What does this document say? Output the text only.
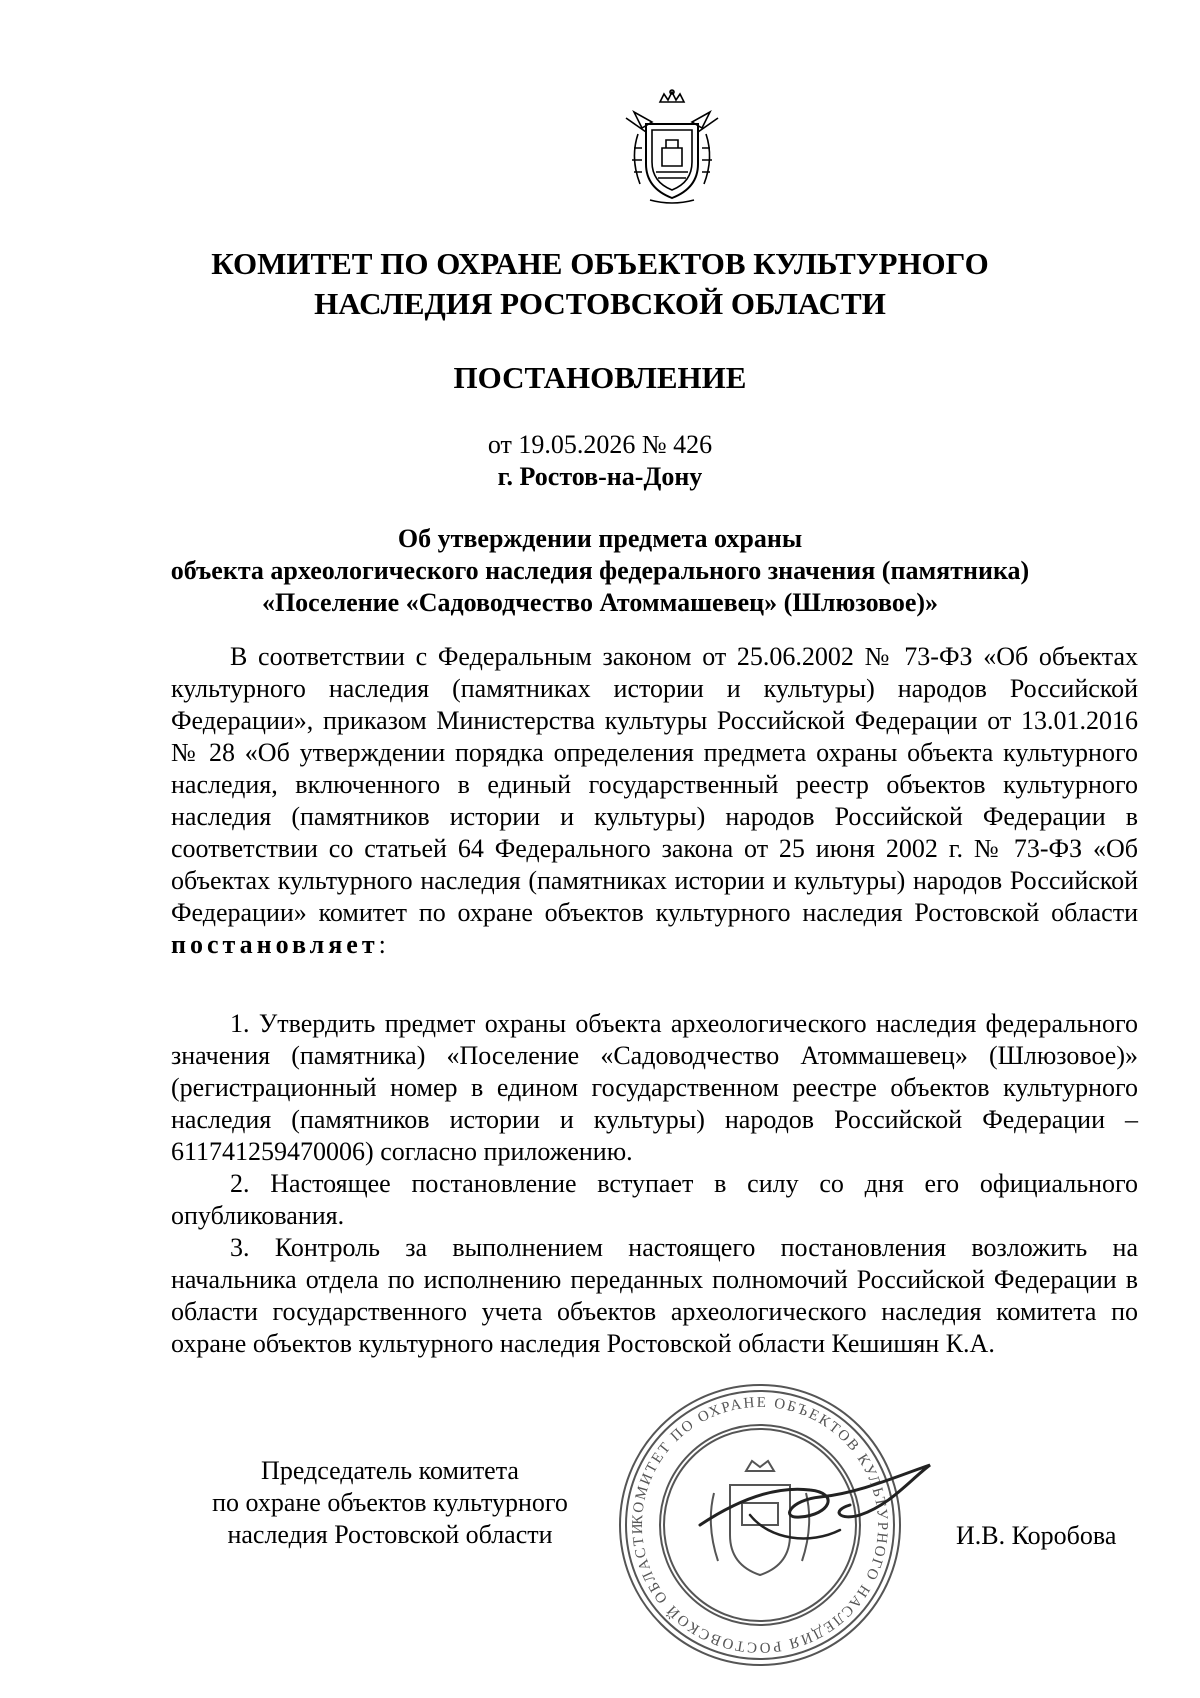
КОМИТЕТ ПО ОХРАНЕ ОБЪЕКТОВ КУЛЬТУРНОГО
НАСЛЕДИЯ РОСТОВСКОЙ ОБЛАСТИ
ПОСТАНОВЛЕНИЕ
от 19.05.2026 № 426
г. Ростов-на-Дону
Об утверждении предмета охраны
объекта археологического наследия федерального значения (памятника)
«Поселение «Садоводчество Атоммашевец» (Шлюзовое)»

В соответствии с Федеральным законом от 25.06.2002 № 73-ФЗ «Об объектах культурного наследия (памятниках истории и культуры) народов Российской Федерации», приказом Министерства культуры Российской Федерации от 13.01.2016 № 28 «Об утверждении порядка определения предмета охраны объекта культурного наследия, включенного в единый государственный реестр объектов культурного наследия (памятников истории и культуры) народов Российской Федерации в соответствии со статьей 64 Федерального закона от 25 июня 2002 г. № 73-ФЗ «Об объектах культурного наследия (памятниках истории и культуры) народов Российской Федерации» комитет по охране объектов культурного наследия Ростовской области постановляет:

1. Утвердить предмет охраны объекта археологического наследия федерального значения (памятника) «Поселение «Садоводчество Атоммашевец» (Шлюзовое)» (регистрационный номер в едином государственном реестре объектов культурного наследия (памятников истории и культуры) народов Российской Федерации – 611741259470006) согласно приложению.

2. Настоящее постановление вступает в силу со дня его официального опубликования.

3. Контроль за выполнением настоящего постановления возложить на начальника отдела по исполнению переданных полномочий Российской Федерации в области государственного учета объектов археологического наследия комитета по охране объектов культурного наследия Ростовской области Кешишян К.А.

Председатель комитета
по охране объектов культурного
наследия Ростовской области
КОМИТЕТ ПО ОХРАНЕ ОБЪЕКТОВ КУЛЬТУРНОГО НАСЛЕДИЯ РОСТОВСКОЙ ОБЛАСТИ	И.В. Коробова
